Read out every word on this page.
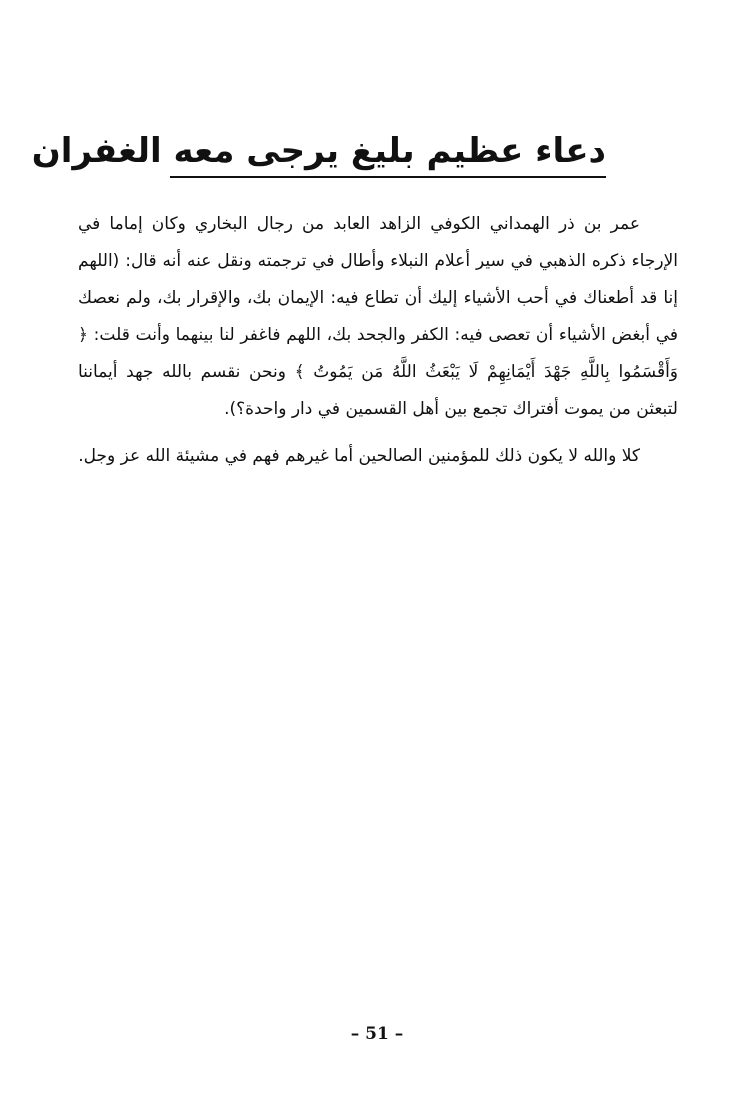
دعاء عظيم بليغ يرجى معه الغفران

عمر بن ذر الهمداني الكوفي الزاهد العابد من رجال البخاري وكان إماما في الإرجاء ذكره الذهبي في سير أعلام النبلاء وأطال في ترجمته ونقل عنه أنه قال: (اللهم إنا قد أطعناك في أحب الأشياء إليك أن تطاع فيه: الإيمان بك، والإقرار بك، ولم نعصك في أبغض الأشياء أن تعصى فيه: الكفر والجحد بك، اللهم فاغفر لنا بينهما وأنت قلت: ﴿ وَأَقْسَمُوا بِاللَّهِ جَهْدَ أَيْمَانِهِمْ لَا يَبْعَثُ اللَّهُ مَن يَمُوتُ ﴾ ونحن نقسم بالله جهد أيماننا لتبعثن من يموت أفتراك تجمع بين أهل القسمين في دار واحدة؟).

كلا والله لا يكون ذلك للمؤمنين الصالحين أما غيرهم فهم في مشيئة الله عز وجل.

– 51 –
